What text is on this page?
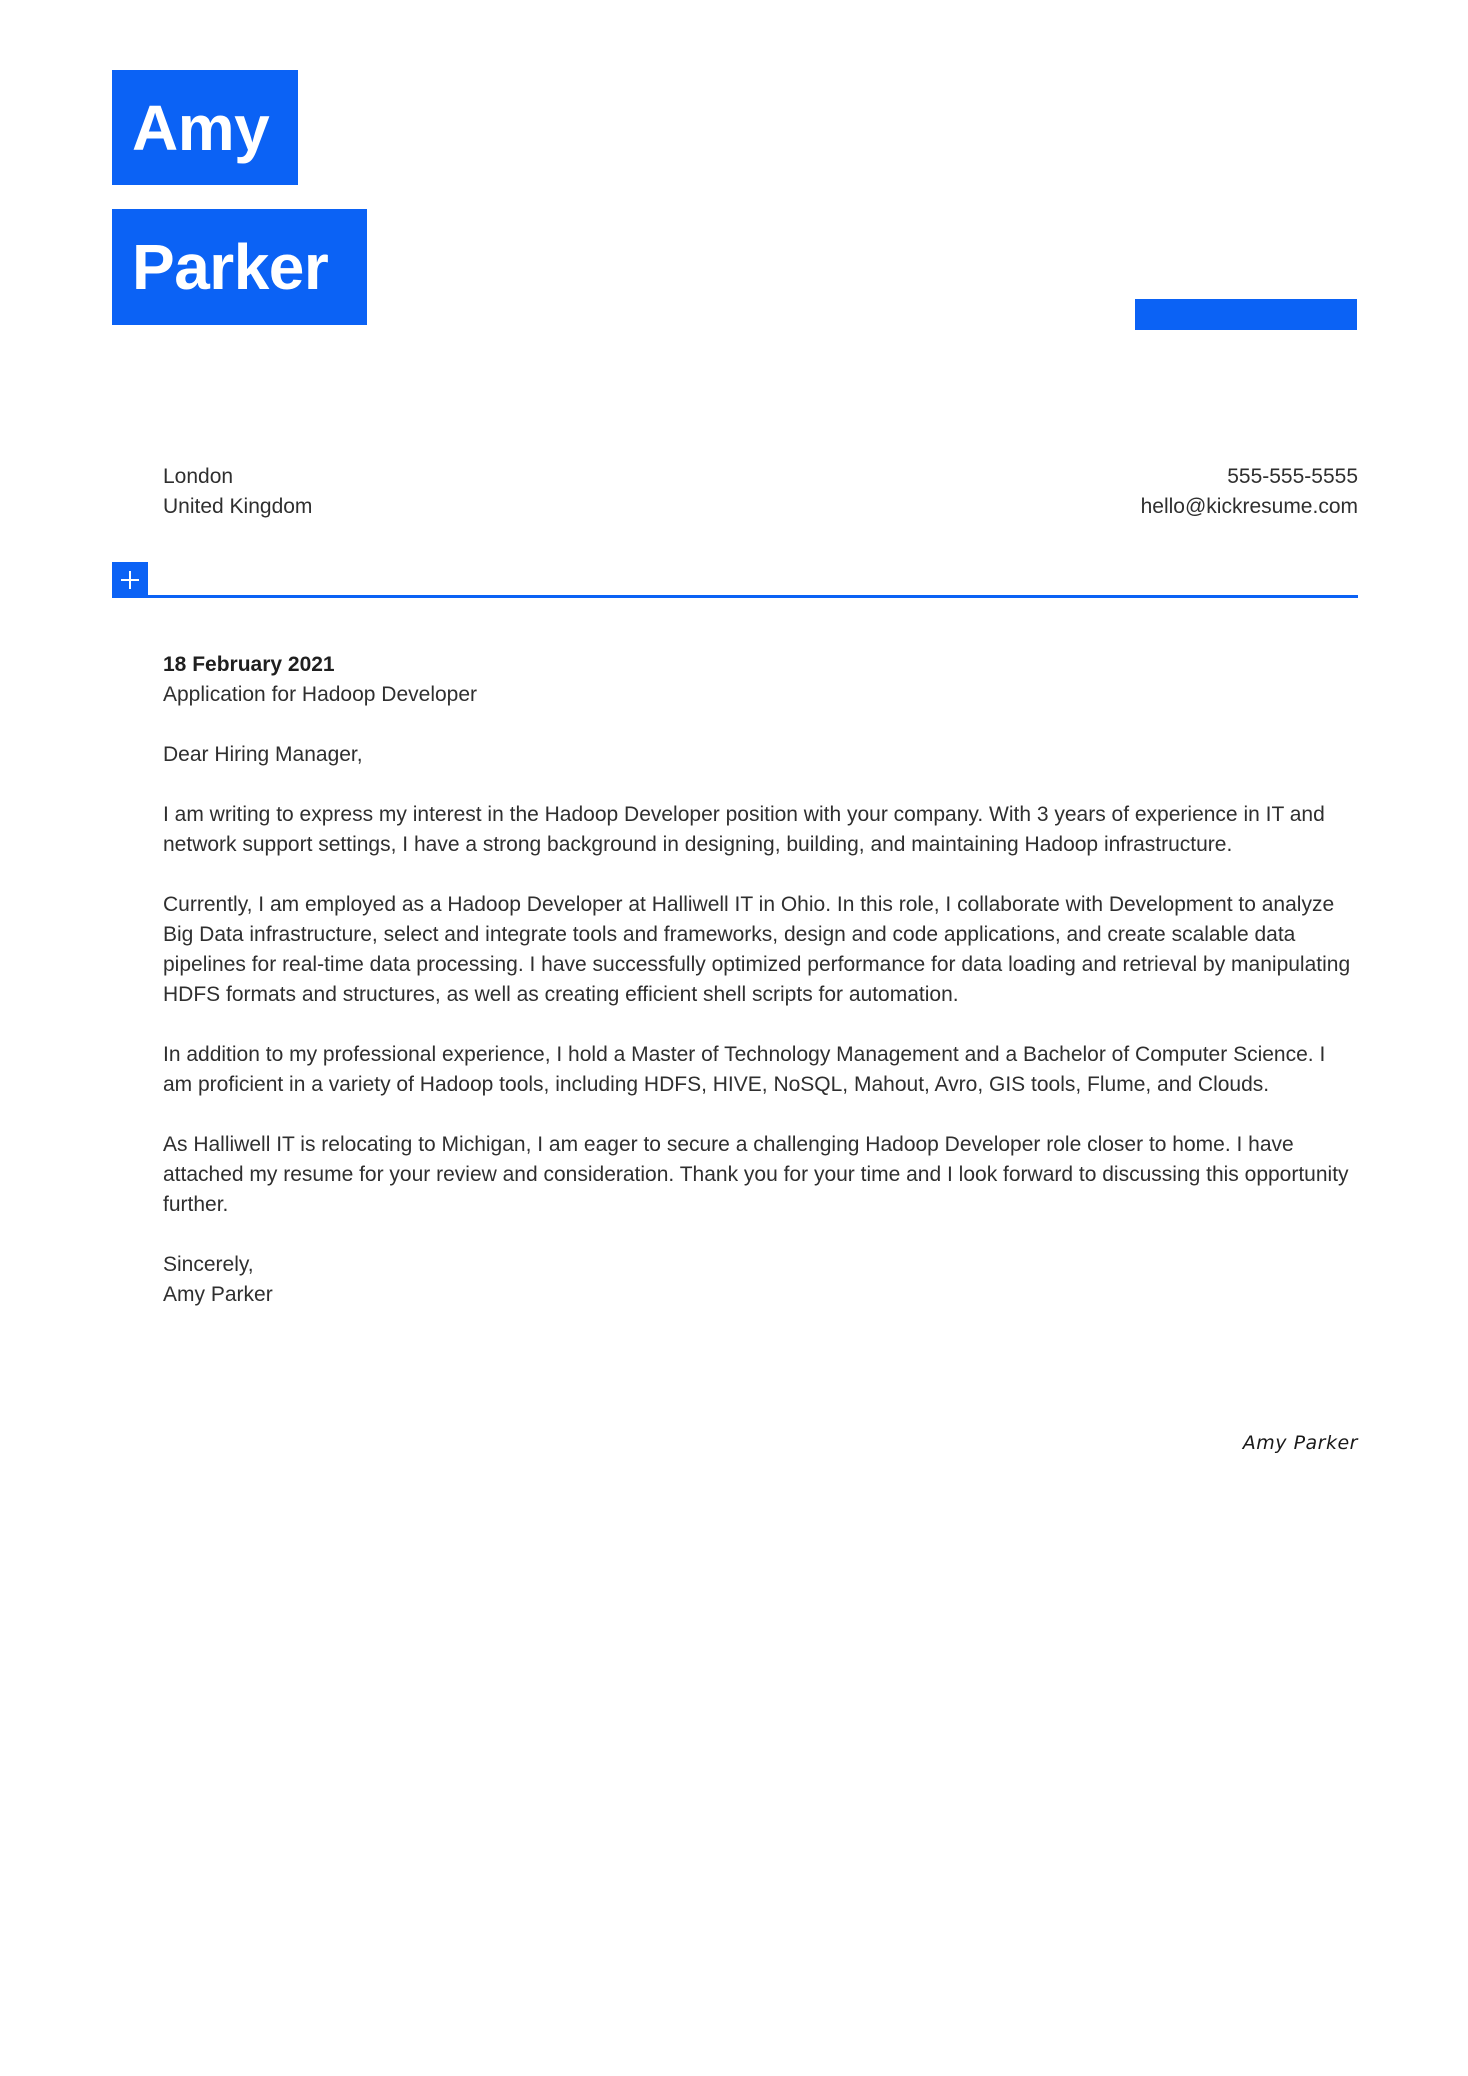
Amy
Parker
London
United Kingdom
555-555-5555
hello@kickresume.com
18 February 2021
Application for Hadoop Developer

Dear Hiring Manager,

I am writing to express my interest in the Hadoop Developer position with your company. With 3 years of experience in IT and network support settings, I have a strong background in designing, building, and maintaining Hadoop infrastructure.

Currently, I am employed as a Hadoop Developer at Halliwell IT in Ohio. In this role, I collaborate with Development to analyze Big Data infrastructure, select and integrate tools and frameworks, design and code applications, and create scalable data pipelines for real-time data processing. I have successfully optimized performance for data loading and retrieval by manipulating HDFS formats and structures, as well as creating efficient shell scripts for automation.

In addition to my professional experience, I hold a Master of Technology Management and a Bachelor of Computer Science. I am proficient in a variety of Hadoop tools, including HDFS, HIVE, NoSQL, Mahout, Avro, GIS tools, Flume, and Clouds.

As Halliwell IT is relocating to Michigan, I am eager to secure a challenging Hadoop Developer role closer to home. I have attached my resume for your review and consideration. Thank you for your time and I look forward to discussing this opportunity further.

Sincerely,
Amy Parker
Amy Parker
